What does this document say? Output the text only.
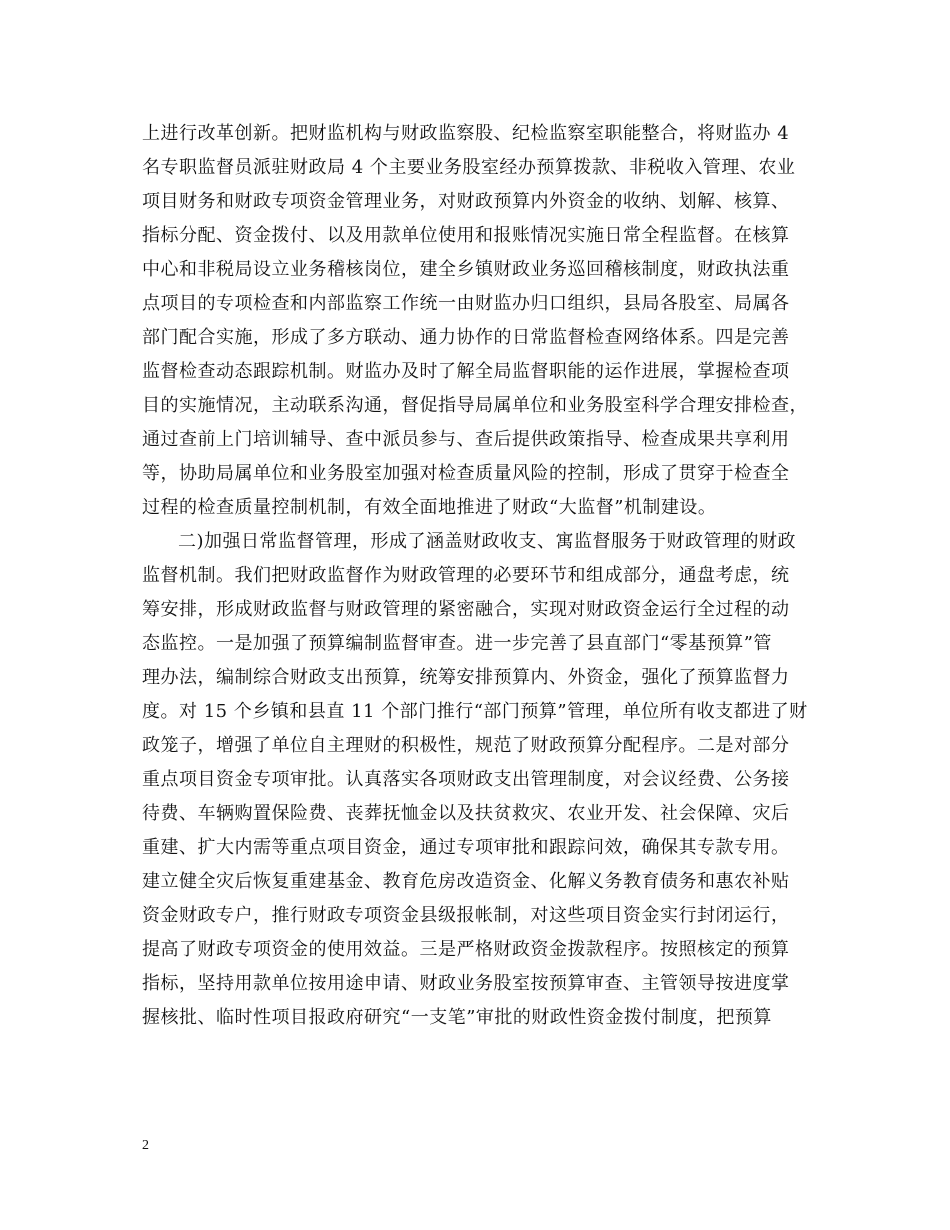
上进行改革创新。把财监机构与财政监察股、纪检监察室职能整合，将财监办 4
名专职监督员派驻财政局 4 个主要业务股室经办预算拨款、非税收入管理、农业
项目财务和财政专项资金管理业务，对财政预算内外资金的收纳、划解、核算、
指标分配、资金拨付、以及用款单位使用和报账情况实施日常全程监督。在核算
中心和非税局设立业务稽核岗位，建全乡镇财政业务巡回稽核制度，财政执法重
点项目的专项检查和内部监察工作统一由财监办归口组织，县局各股室、局属各
部门配合实施，形成了多方联动、通力协作的日常监督检查网络体系。四是完善
监督检查动态跟踪机制。财监办及时了解全局监督职能的运作进展，掌握检查项
目的实施情况，主动联系沟通，督促指导局属单位和业务股室科学合理安排检查，
通过查前上门培训辅导、查中派员参与、查后提供政策指导、检查成果共享利用
等，协助局属单位和业务股室加强对检查质量风险的控制，形成了贯穿于检查全
过程的检查质量控制机制，有效全面地推进了财政“大监督”机制建设。
二)加强日常监督管理，形成了涵盖财政收支、寓监督服务于财政管理的财政
监督机制。我们把财政监督作为财政管理的必要环节和组成部分，通盘考虑，统
筹安排，形成财政监督与财政管理的紧密融合，实现对财政资金运行全过程的动
态监控。一是加强了预算编制监督审查。进一步完善了县直部门“零基预算”管
理办法，编制综合财政支出预算，统筹安排预算内、外资金，强化了预算监督力
度。对 15 个乡镇和县直 11 个部门推行“部门预算”管理，单位所有收支都进了财
政笼子，增强了单位自主理财的积极性，规范了财政预算分配程序。二是对部分
重点项目资金专项审批。认真落实各项财政支出管理制度，对会议经费、公务接
待费、车辆购置保险费、丧葬抚恤金以及扶贫救灾、农业开发、社会保障、灾后
重建、扩大内需等重点项目资金，通过专项审批和跟踪问效，确保其专款专用。
建立健全灾后恢复重建基金、教育危房改造资金、化解义务教育债务和惠农补贴
资金财政专户，推行财政专项资金县级报帐制，对这些项目资金实行封闭运行，
提高了财政专项资金的使用效益。三是严格财政资金拨款程序。按照核定的预算
指标，坚持用款单位按用途申请、财政业务股室按预算审查、主管领导按进度掌
握核批、临时性项目报政府研究“一支笔”审批的财政性资金拨付制度，把预算
2
